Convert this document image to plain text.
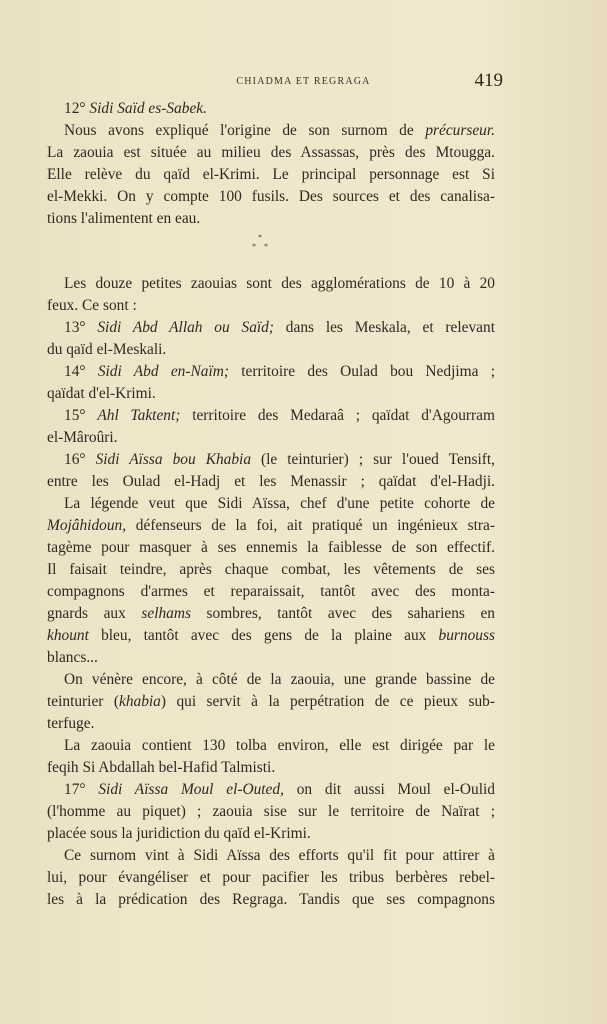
CHIADMA ET REGRAGA	419
12° Sidi Saïd es-Sabek.
Nous avons expliqué l'origine de son surnom de précurseur.
La zaouia est située au milieu des Assassas, près des Mtougga.
Elle relève du qaïd el-Krimi. Le principal personnage est Si
el-Mekki. On y compte 100 fusils. Des sources et des canalisa-
tions l'alimentent en eau.
*
* *
Les douze petites zaouias sont des agglomérations de 10 à 20
feux. Ce sont :
13° Sidi Abd Allah ou Saïd; dans les Meskala, et relevant
du qaïd el-Meskali.
14° Sidi Abd en-Naïm; territoire des Oulad bou Nedjima ;
qaïdat d'el-Krimi.
15° Ahl Taktent; territoire des Medaraâ ; qaïdat d'Agourram
el-Mâroûri.
16° Sidi Aïssa bou Khabia (le teinturier) ; sur l'oued Tensift,
entre les Oulad el-Hadj et les Menassir ; qaïdat d'el-Hadji.
La légende veut que Sidi Aïssa, chef d'une petite cohorte de
Mojâhidoun, défenseurs de la foi, ait pratiqué un ingénieux stra-
tagème pour masquer à ses ennemis la faiblesse de son effectif.
Il faisait teindre, après chaque combat, les vêtements de ses
compagnons d'armes et reparaissait, tantôt avec des monta-
gnards aux selhams sombres, tantôt avec des sahariens en
khount bleu, tantôt avec des gens de la plaine aux burnouss
blancs...
On vénère encore, à côté de la zaouia, une grande bassine de
teinturier (khabia) qui servit à la perpétration de ce pieux sub-
terfuge.
La zaouia contient 130 tolba environ, elle est dirigée par le
feqih Si Abdallah bel-Hafid Talmisti.
17° Sidi Aïssa Moul el-Outed, on dit aussi Moul el-Oulid
(l'homme au piquet) ; zaouia sise sur le territoire de Naïrat ;
placée sous la juridiction du qaïd el-Krimi.
Ce surnom vint à Sidi Aïssa des efforts qu'il fit pour attirer à
lui, pour évangéliser et pour pacifier les tribus berbères rebel-
les à la prédication des Regraga. Tandis que ses compagnons
